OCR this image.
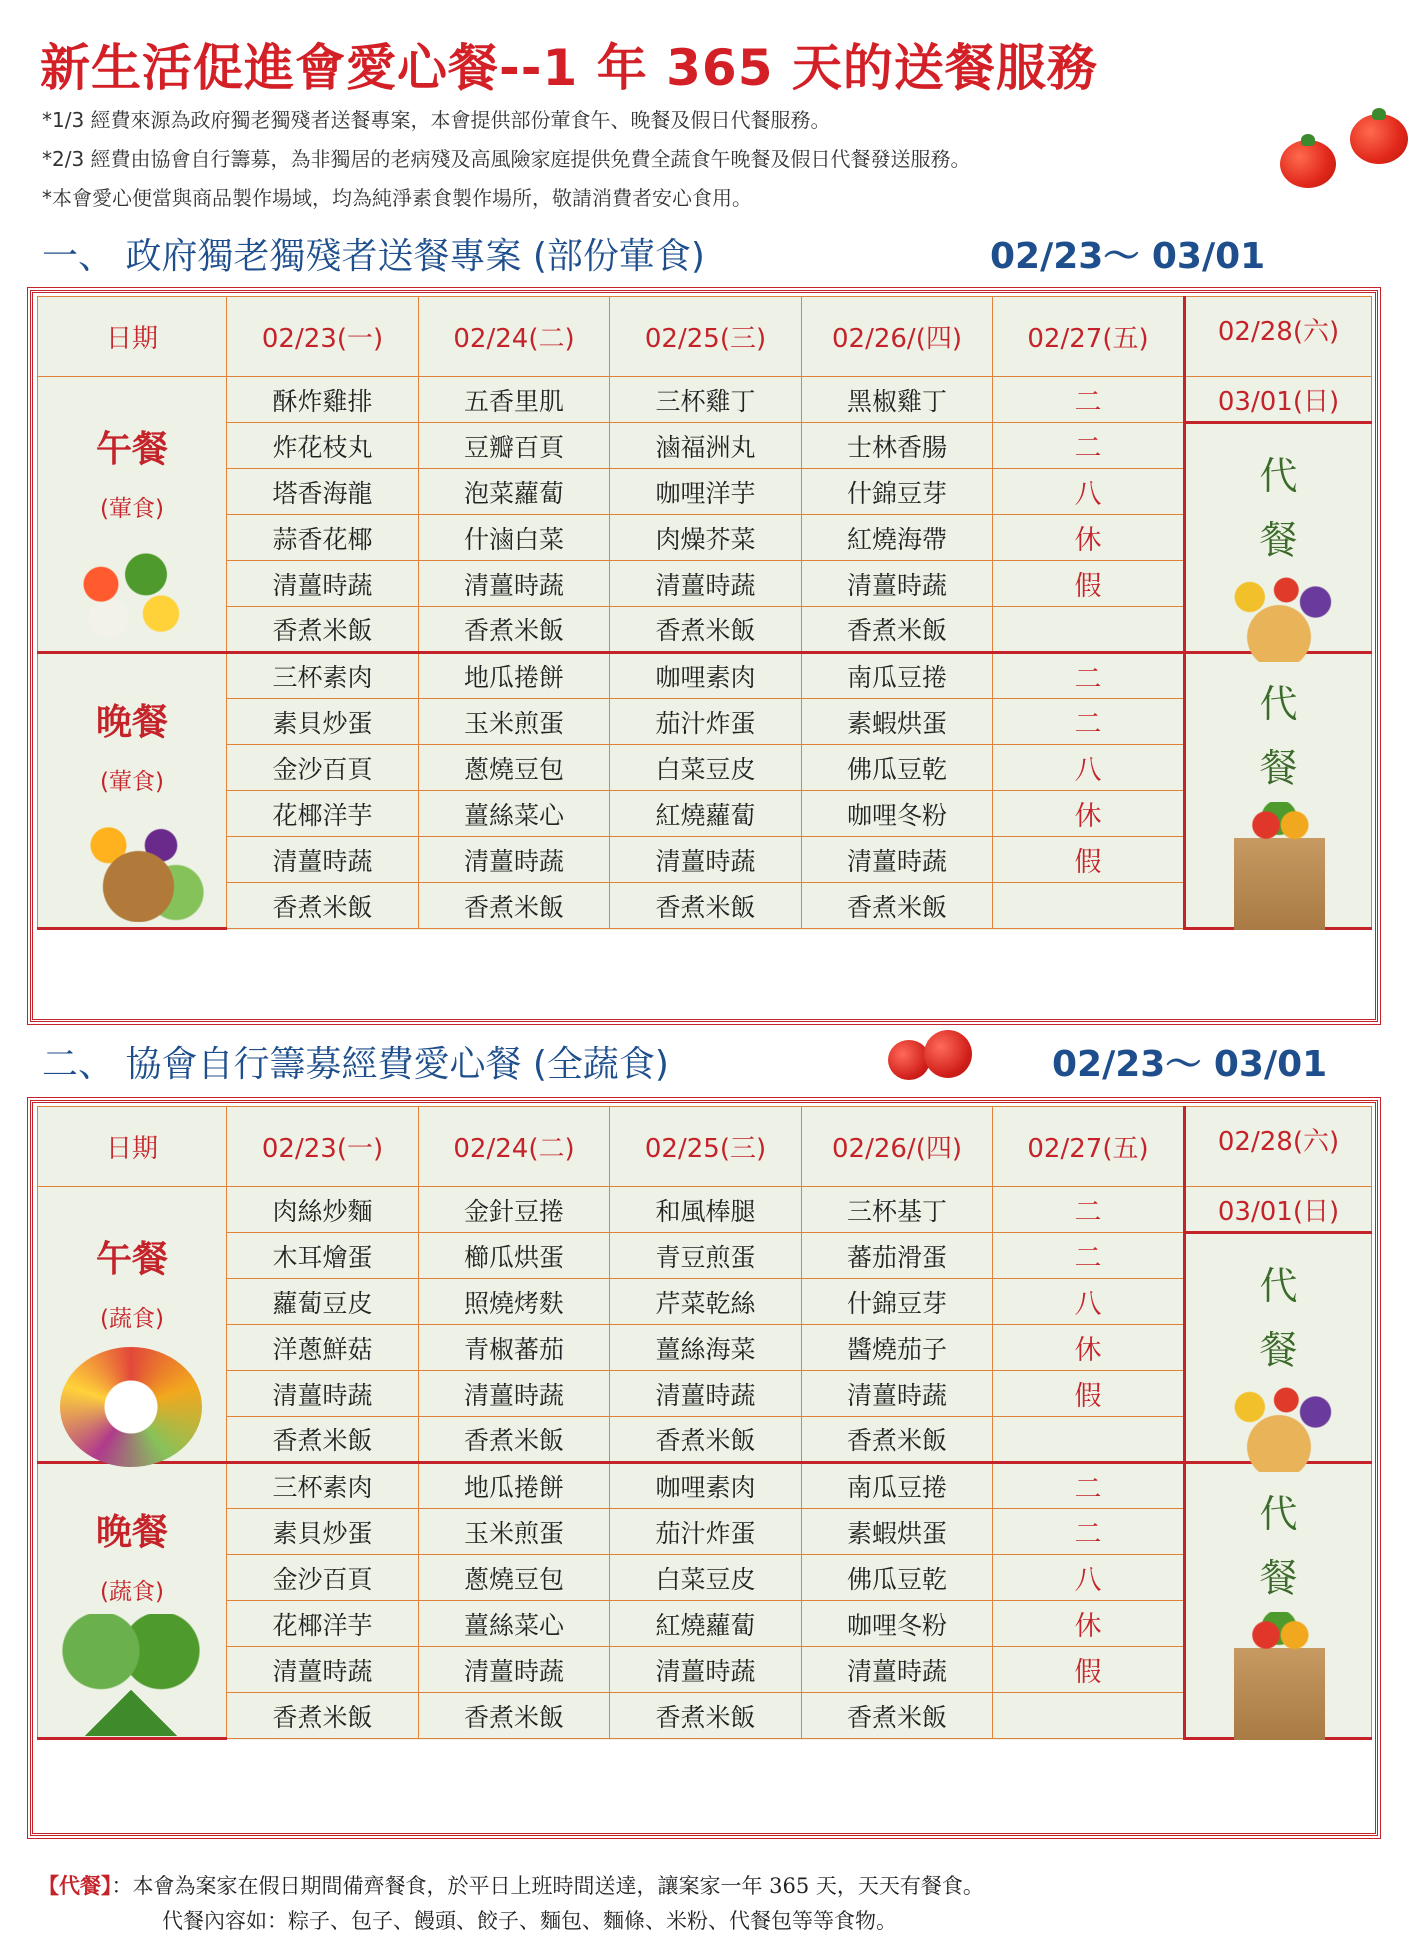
新生活促進會愛心餐--1 年 365 天的送餐服務
*1/3 經費來源為政府獨老獨殘者送餐專案，本會提供部份葷食午、晚餐及假日代餐服務。
*2/3 經費由協會自行籌募，為非獨居的老病殘及高風險家庭提供免費全蔬食午晚餐及假日代餐發送服務。
*本會愛心便當與商品製作場域，均為純淨素食製作場所，敬請消費者安心食用。
一、 政府獨老獨殘者送餐專案 (部份葷食)	02/23～ 03/01
日期	02/23(一)	02/24(二)	02/25(三)	02/26/(四)	02/27(五)	02/28(六)

午餐
(葷食)	酥炸雞排	五香里肌	三杯雞丁	黑椒雞丁	二	03/01(日)
	炸花枝丸	豆瓣百頁	滷福洲丸	士林香腸	二	代
餐

	塔香海龍	泡菜蘿蔔	咖哩洋芋	什錦豆芽	八	
	蒜香花椰	什滷白菜	肉燥芥菜	紅燒海帶	休	
	清薑時蔬	清薑時蔬	清薑時蔬	清薑時蔬	假	
	香煮米飯	香煮米飯	香煮米飯	香煮米飯		

晚餐
(葷食)	三杯素肉	地瓜捲餅	咖哩素肉	南瓜豆捲	二	代
餐

	素貝炒蛋	玉米煎蛋	茄汁炸蛋	素蝦烘蛋	二	
	金沙百頁	蔥燒豆包	白菜豆皮	佛瓜豆乾	八	
	花椰洋芋	薑絲菜心	紅燒蘿蔔	咖哩冬粉	休	
	清薑時蔬	清薑時蔬	清薑時蔬	清薑時蔬	假	
	香煮米飯	香煮米飯	香煮米飯	香煮米飯		
二、 協會自行籌募經費愛心餐 (全蔬食)	02/23～ 03/01
日期	02/23(一)	02/24(二)	02/25(三)	02/26/(四)	02/27(五)	02/28(六)

午餐
(蔬食)	肉絲炒麵	金針豆捲	和風棒腿	三杯基丁	二	03/01(日)
	木耳燴蛋	櫛瓜烘蛋	青豆煎蛋	蕃茄滑蛋	二	代
餐

	蘿蔔豆皮	照燒烤麩	芹菜乾絲	什錦豆芽	八	
	洋蔥鮮菇	青椒蕃茄	薑絲海菜	醬燒茄子	休	
	清薑時蔬	清薑時蔬	清薑時蔬	清薑時蔬	假	
	香煮米飯	香煮米飯	香煮米飯	香煮米飯		

晚餐
(蔬食)	三杯素肉	地瓜捲餅	咖哩素肉	南瓜豆捲	二	代
餐

	素貝炒蛋	玉米煎蛋	茄汁炸蛋	素蝦烘蛋	二	
	金沙百頁	蔥燒豆包	白菜豆皮	佛瓜豆乾	八	
	花椰洋芋	薑絲菜心	紅燒蘿蔔	咖哩冬粉	休	
	清薑時蔬	清薑時蔬	清薑時蔬	清薑時蔬	假	
	香煮米飯	香煮米飯	香煮米飯	香煮米飯		
【代餐】：本會為案家在假日期間備齊餐食，於平日上班時間送達，讓案家一年 365 天，天天有餐食。
代餐內容如：粽子、包子、饅頭、餃子、麵包、麵條、米粉、代餐包等等食物。
